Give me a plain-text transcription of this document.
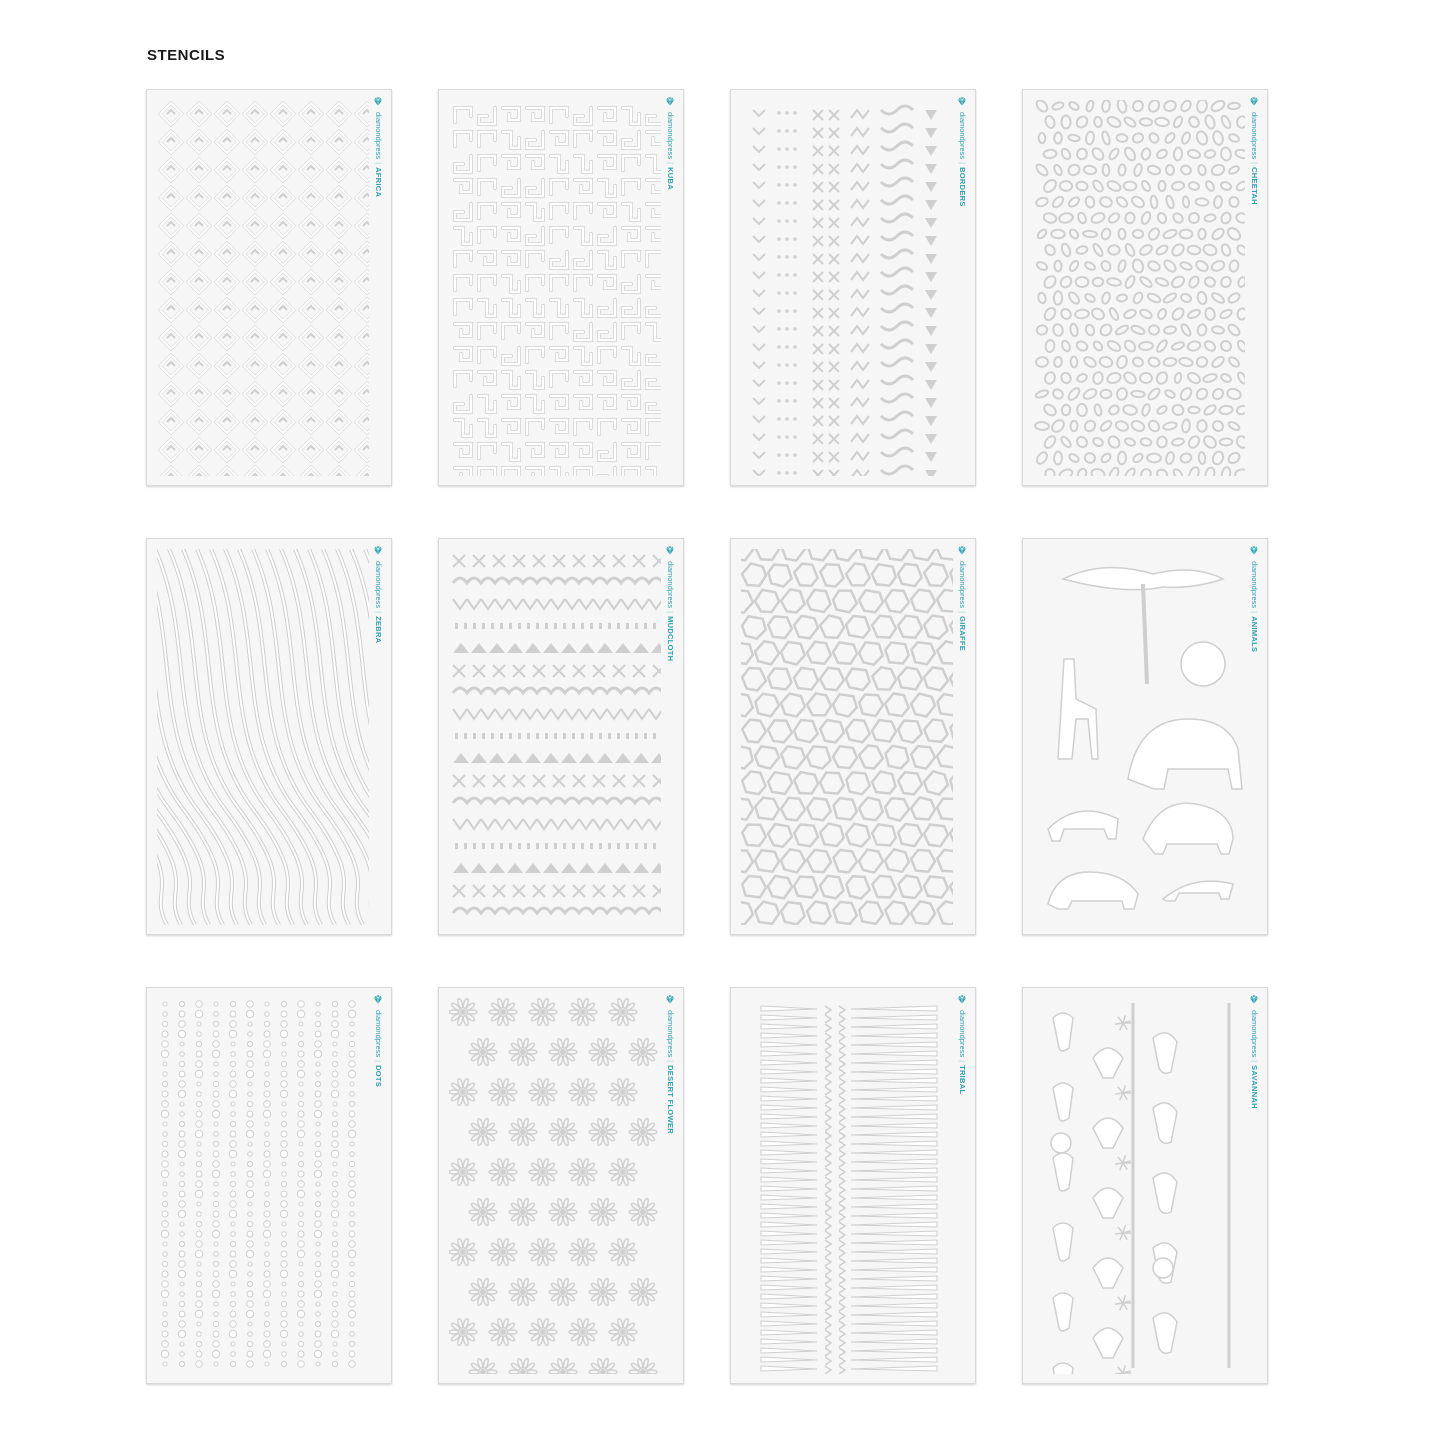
STENCILS
diamondpress|AFRICA
diamondpress|KUBA
diamondpress|BORDERS
diamondpress|CHEETAH
diamondpress|ZEBRA
diamondpress|MUDCLOTH
diamondpress|GIRAFFE
diamondpress|ANIMALS
diamondpress|DOTS
diamondpress|DESERT FLOWER
diamondpress|TRIBAL
diamondpress|SAVANNAH
